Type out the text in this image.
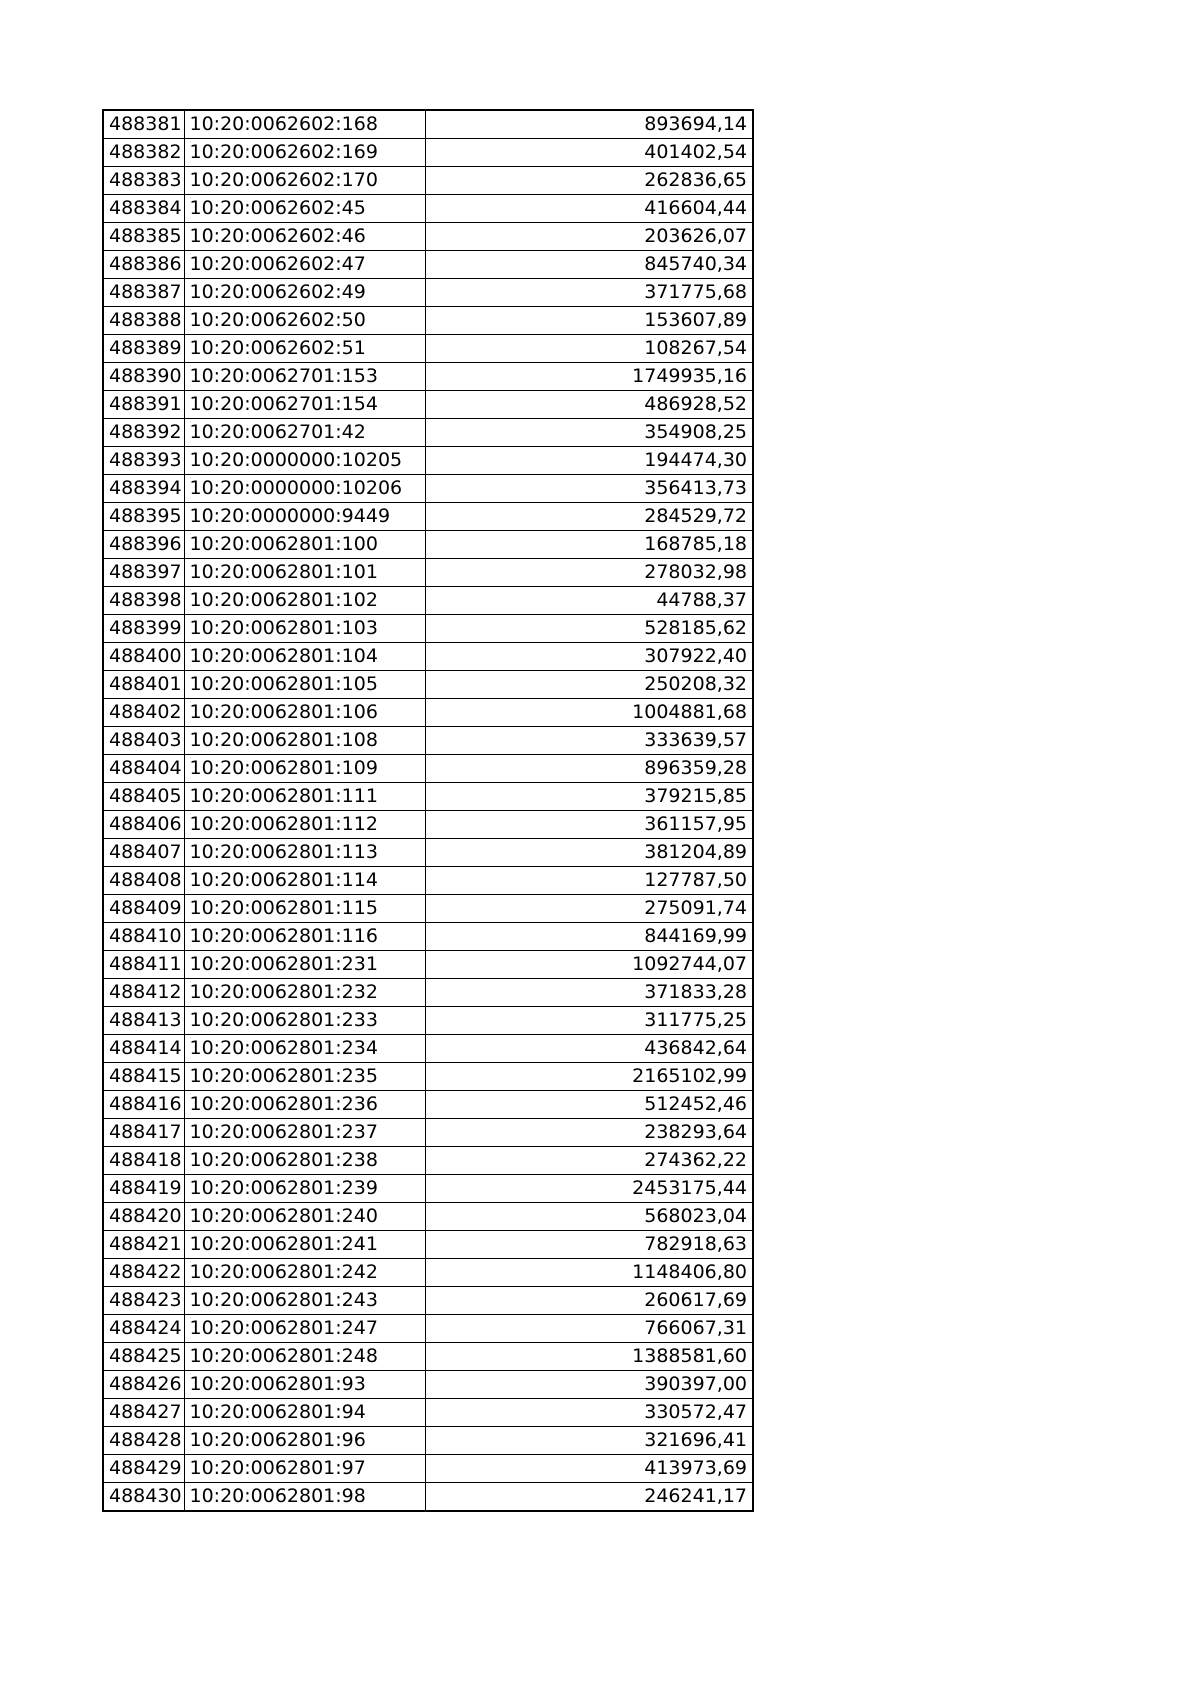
488381	10:20:0062602:168	893694,14
488382	10:20:0062602:169	401402,54
488383	10:20:0062602:170	262836,65
488384	10:20:0062602:45	416604,44
488385	10:20:0062602:46	203626,07
488386	10:20:0062602:47	845740,34
488387	10:20:0062602:49	371775,68
488388	10:20:0062602:50	153607,89
488389	10:20:0062602:51	108267,54
488390	10:20:0062701:153	1749935,16
488391	10:20:0062701:154	486928,52
488392	10:20:0062701:42	354908,25
488393	10:20:0000000:10205	194474,30
488394	10:20:0000000:10206	356413,73
488395	10:20:0000000:9449	284529,72
488396	10:20:0062801:100	168785,18
488397	10:20:0062801:101	278032,98
488398	10:20:0062801:102	44788,37
488399	10:20:0062801:103	528185,62
488400	10:20:0062801:104	307922,40
488401	10:20:0062801:105	250208,32
488402	10:20:0062801:106	1004881,68
488403	10:20:0062801:108	333639,57
488404	10:20:0062801:109	896359,28
488405	10:20:0062801:111	379215,85
488406	10:20:0062801:112	361157,95
488407	10:20:0062801:113	381204,89
488408	10:20:0062801:114	127787,50
488409	10:20:0062801:115	275091,74
488410	10:20:0062801:116	844169,99
488411	10:20:0062801:231	1092744,07
488412	10:20:0062801:232	371833,28
488413	10:20:0062801:233	311775,25
488414	10:20:0062801:234	436842,64
488415	10:20:0062801:235	2165102,99
488416	10:20:0062801:236	512452,46
488417	10:20:0062801:237	238293,64
488418	10:20:0062801:238	274362,22
488419	10:20:0062801:239	2453175,44
488420	10:20:0062801:240	568023,04
488421	10:20:0062801:241	782918,63
488422	10:20:0062801:242	1148406,80
488423	10:20:0062801:243	260617,69
488424	10:20:0062801:247	766067,31
488425	10:20:0062801:248	1388581,60
488426	10:20:0062801:93	390397,00
488427	10:20:0062801:94	330572,47
488428	10:20:0062801:96	321696,41
488429	10:20:0062801:97	413973,69
488430	10:20:0062801:98	246241,17
